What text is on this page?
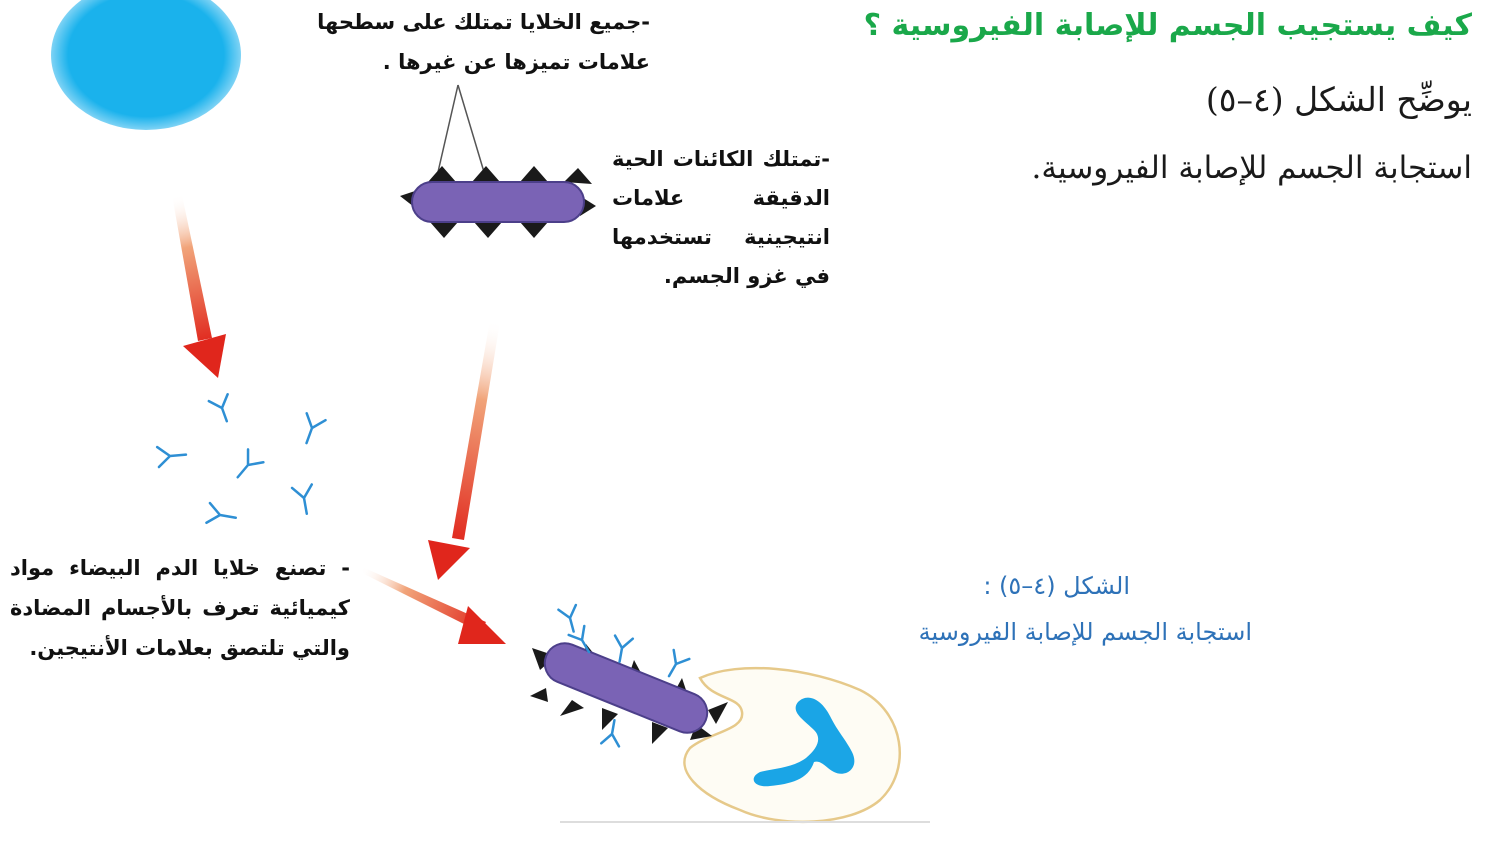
كيف يستجيب الجسم للإصابة الفيروسية ؟

يوضِّح الشكل (٤–٥)

استجابة الجسم للإصابة الفيروسية.

-جميع الخلايا تمتلك على سطحها علامات تميزها عن غيرها .

-تمتلك الكائنات الحية الدقيقة علامات انتيجينية تستخدمها في غزو الجسم.

- تصنع خلايا الدم البيضاء مواد كيميائية تعرف بالأجسام المضادة والتي تلتصق بعلامات الأنتيجين.

الشكل (٤–٥) :

استجابة الجسم للإصابة الفيروسية
